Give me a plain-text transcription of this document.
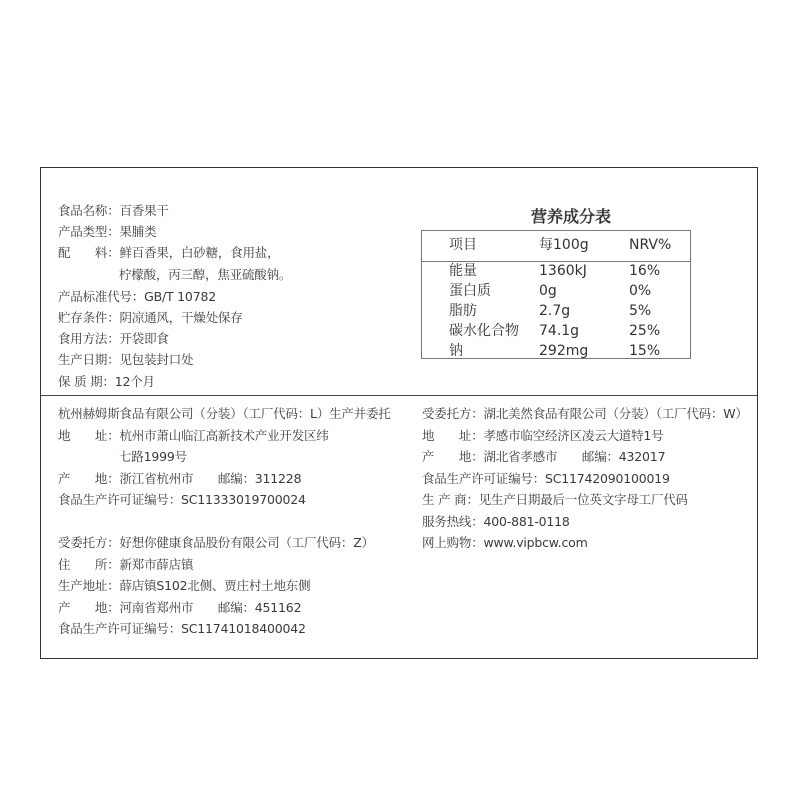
食品名称：百香果干
产品类型：果脯类
配　　料：鲜百香果，白砂糖，食用盐，
柠檬酸，丙三醇，焦亚硫酸钠。
产品标准代号：GB/T 10782
贮存条件：阴凉通风，干燥处保存
食用方法：开袋即食
生产日期：见包装封口处
保 质 期：12个月
营养成分表
项目	每100g	NRV%
能量	1360kJ	16%
蛋白质	0g	0%
脂肪	2.7g	5%
碳水化合物 74.1g	25%
钠	292mg	15%
杭州赫姆斯食品有限公司（分装）（工厂代码：L）生产并委托
地　　址：杭州市萧山临江高新技术产业开发区纬
七路1999号
产　　地：浙江省杭州市　　邮编：311228
食品生产许可证编号：SC11333019700024
受委托方：好想你健康食品股份有限公司（工厂代码：Z）
住　　所：新郑市薛店镇
生产地址：薛店镇S102北侧、贾庄村土地东侧
产　　地：河南省郑州市　　邮编：451162
食品生产许可证编号：SC11741018400042
受委托方：湖北美然食品有限公司（分装）（工厂代码：W）
地　　址：孝感市临空经济区凌云大道特1号
产　　地：湖北省孝感市　　邮编：432017
食品生产许可证编号：SC11742090100019
生 产 商：见生产日期最后一位英文字母工厂代码
服务热线：400-881-0118
网上购物：www.vipbcw.com
